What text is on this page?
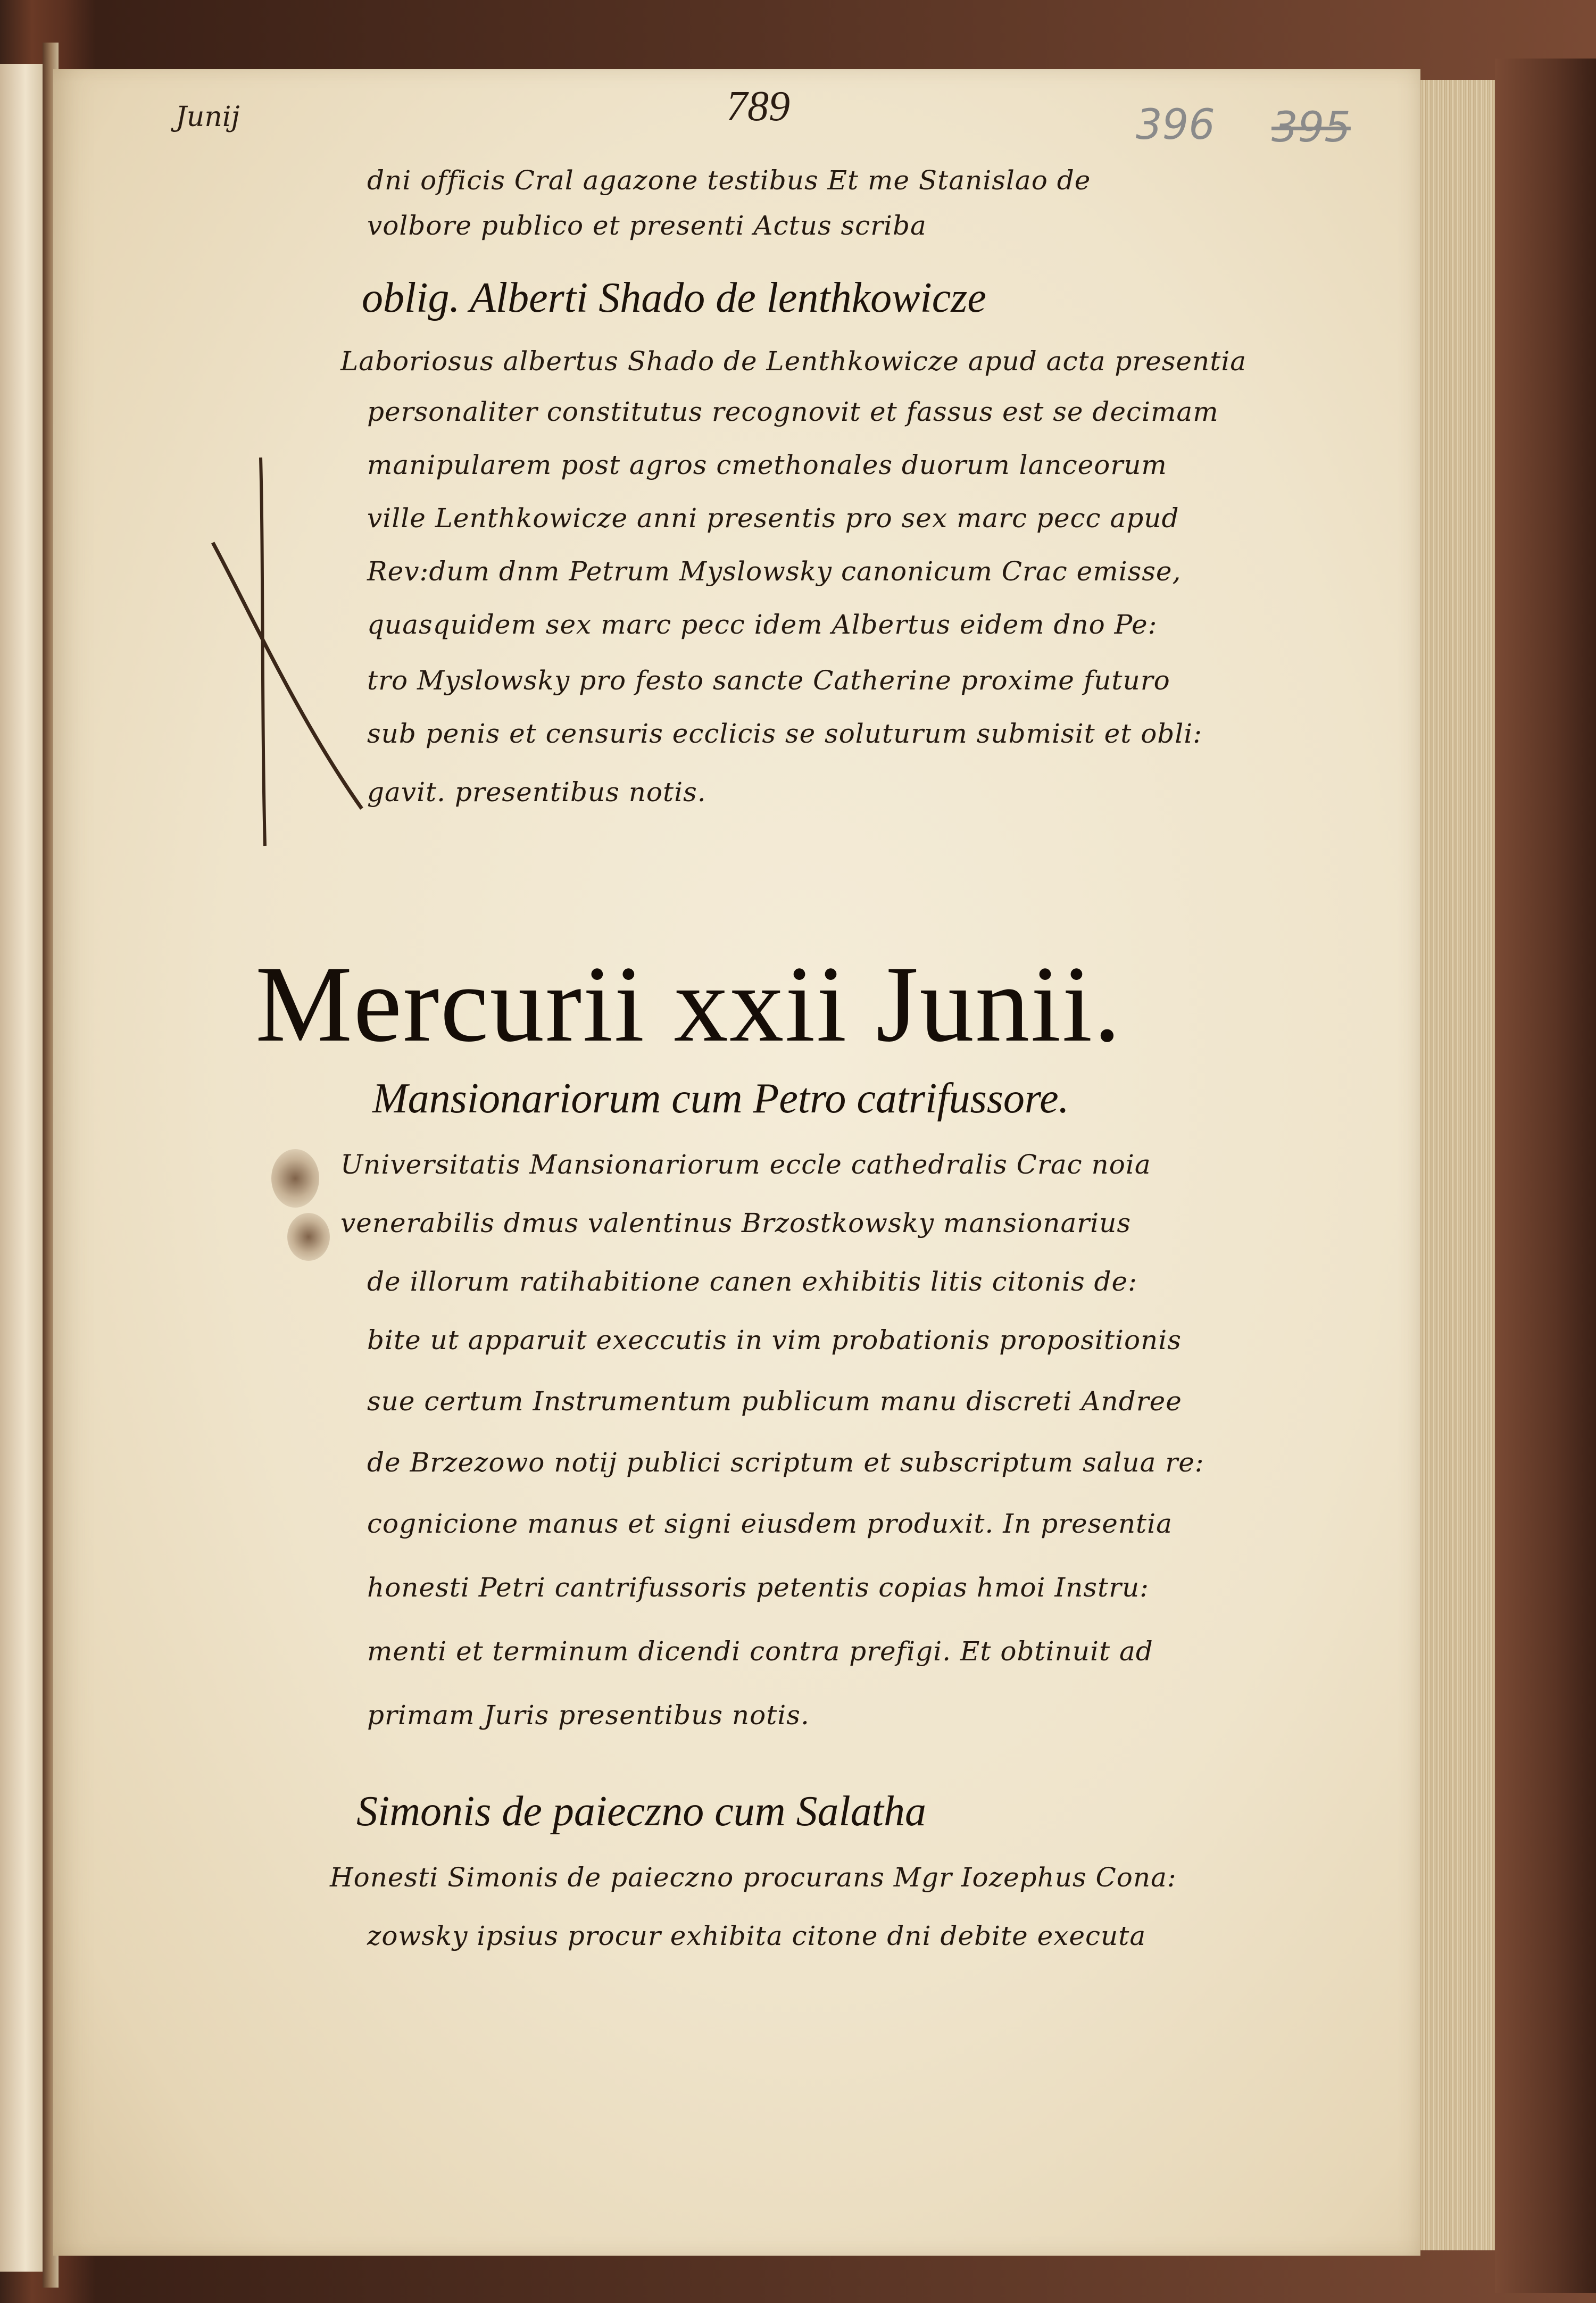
Junij	789	396 395
dni officis Cral agazone testibus Et me Stanislao de
volbore publico et presenti Actus scriba
oblig. Alberti Shado de lenthkowicze
Laboriosus albertus Shado de Lenthkowicze apud acta presentia
personaliter constitutus recognovit et fassus est se decimam
manipularem post agros cmethonales duorum lanceorum
ville Lenthkowicze anni presentis pro sex marc pecc apud
Rev:dum dnm Petrum Myslowsky canonicum Crac emisse,
quasquidem sex marc pecc idem Albertus eidem dno Pe:
tro Myslowsky pro festo sancte Catherine proxime futuro
sub penis et censuris ecclicis se soluturum submisit et obli:
gavit. presentibus notis.
Mercurii xxii Junii.
Mansionariorum cum Petro catrifussore.
Universitatis Mansionariorum eccle cathedralis Crac noia
venerabilis dmus valentinus Brzostkowsky mansionarius
de illorum ratihabitione canen exhibitis litis citonis de:
bite ut apparuit execcutis in vim probationis propositionis
sue certum Instrumentum publicum manu discreti Andree
de Brzezowo notij publici scriptum et subscriptum salua re:
cognicione manus et signi eiusdem produxit. In presentia
honesti Petri cantrifussoris petentis copias hmoi Instru:
menti et terminum dicendi contra prefigi. Et obtinuit ad
primam Juris presentibus notis.
Simonis de paieczno cum Salatha
Honesti Simonis de paieczno procurans Mgr Iozephus Cona:
zowsky ipsius procur exhibita citone dni debite executa
